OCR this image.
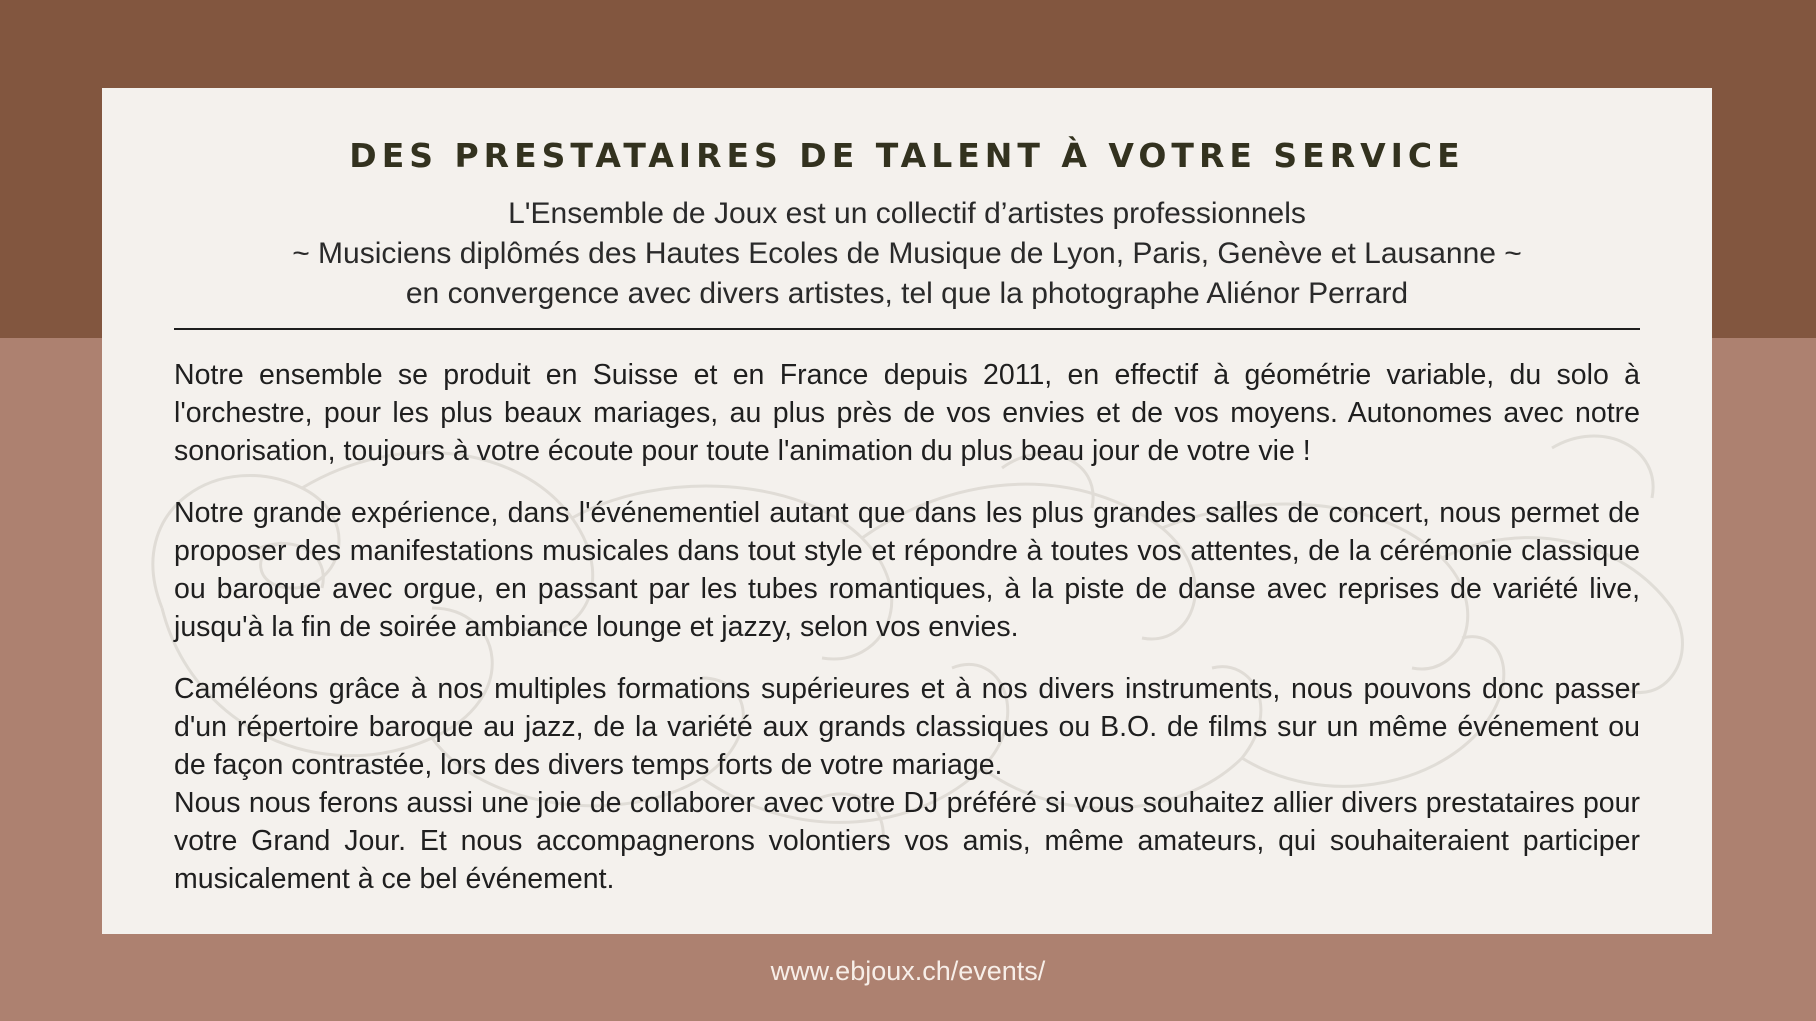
DES PRESTATAIRES DE TALENT À VOTRE SERVICE
L'Ensemble de Joux est un collectif d’artistes professionnels
~ Musiciens diplômés des Hautes Ecoles de Musique de Lyon, Paris, Genève et Lausanne ~
en convergence avec divers artistes, tel que la photographe Aliénor Perrard

Notre ensemble se produit en Suisse et en France depuis 2011, en effectif à géométrie variable, du solo à l'orchestre, pour les plus beaux mariages, au plus près de vos envies et de vos moyens. Autonomes avec notre sonorisation, toujours à votre écoute pour toute l'animation du plus beau jour de votre vie !

Notre grande expérience, dans l'événementiel autant que dans les plus grandes salles de concert, nous permet de proposer des manifestations musicales dans tout style et répondre à toutes vos attentes, de la cérémonie classique ou baroque avec orgue, en passant par les tubes romantiques, à la piste de danse avec reprises de variété live, jusqu'à la fin de soirée ambiance lounge et jazzy, selon vos envies.

Caméléons grâce à nos multiples formations supérieures et à nos divers instruments, nous pouvons donc passer d'un répertoire baroque au jazz, de la variété aux grands classiques ou B.O. de films sur un même événement ou de façon contrastée, lors des divers temps forts de votre mariage.

Nous nous ferons aussi une joie de collaborer avec votre DJ préféré si vous souhaitez allier divers prestataires pour votre Grand Jour. Et nous accompagnerons volontiers vos amis, même amateurs, qui souhaiteraient participer musicalement à ce bel événement.

www.ebjoux.ch/events/
